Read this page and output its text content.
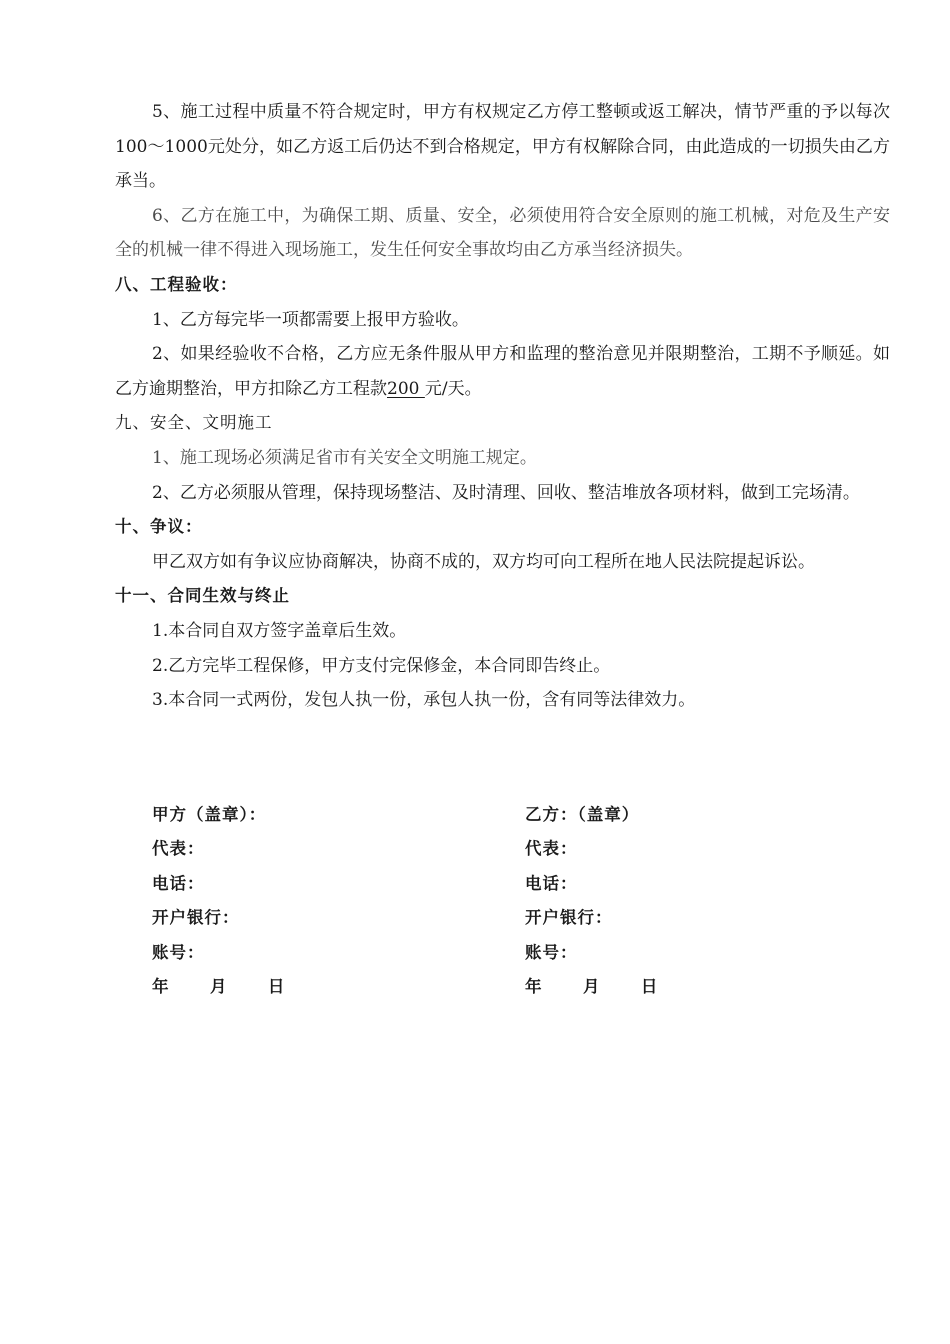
5、施工过程中质量不符合规定时，甲方有权规定乙方停工整顿或返工解决，情节严重的予以每次100～1000元处分，如乙方返工后仍达不到合格规定，甲方有权解除合同，由此造成的一切损失由乙方承当。

6、乙方在施工中，为确保工期、质量、安全，必须使用符合安全原则的施工机械，对危及生产安全的机械一律不得进入现场施工，发生任何安全事故均由乙方承当经济损失。

八、工程验收：

1、乙方每完毕一项都需要上报甲方验收。

2、如果经验收不合格，乙方应无条件服从甲方和监理的整治意见并限期整治，工期不予顺延。如乙方逾期整治，甲方扣除乙方工程款200 元/天。

九、安全、文明施工

1、施工现场必须满足省市有关安全文明施工规定。

2、乙方必须服从管理，保持现场整洁、及时清理、回收、整洁堆放各项材料，做到工完场清。

十、争议：

甲乙双方如有争议应协商解决，协商不成的，双方均可向工程所在地人民法院提起诉讼。

十一、合同生效与终止

1.本合同自双方签字盖章后生效。

2.乙方完毕工程保修，甲方支付完保修金，本合同即告终止。

3.本合同一式两份，发包人执一份，承包人执一份，含有同等法律效力。

甲方（盖章）：
代表：
电话：
开户银行：
账号：
年      月      日
乙方：（盖章）
代表：
电话：
开户银行：
账号：
年      月      日
